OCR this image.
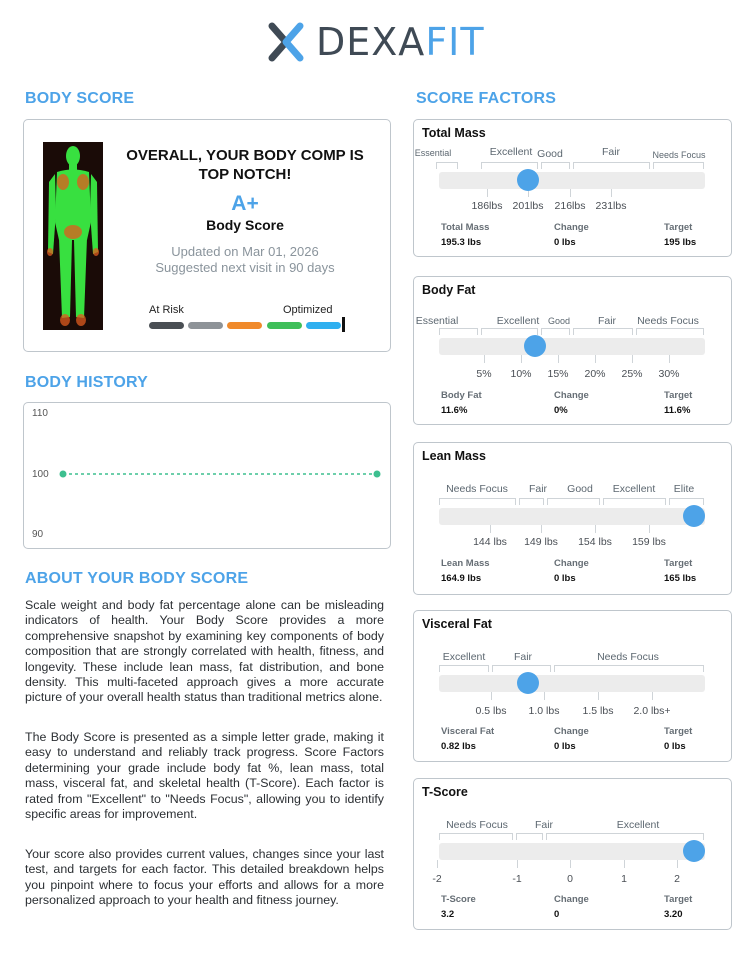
DEXAFIT
BODY SCORE
OVERALL, YOUR BODY COMP IS TOP NOTCH!
A+
Body Score
Updated on Mar 01, 2026
Suggested next visit in 90 days
At Risk	Optimized
BODY HISTORY
110
100
90
ABOUT YOUR BODY SCORE
Scale weight and body fat percentage alone can be misleading indicators of health. Your Body Score provides a more comprehensive snapshot by examining key components of body composition that are strongly correlated with health, fitness, and longevity. These include lean mass, fat distribution, and bone density. This multi-faceted approach gives a more accurate picture of your overall health status than traditional metrics alone.
The Body Score is presented as a simple letter grade, making it easy to understand and reliably track progress. Score Factors determining your grade include body fat %, lean mass, total mass, visceral fat, and skeletal health (T-Score). Each factor is rated from "Excellent" to "Needs Focus", allowing you to identify specific areas for improvement.
Your score also provides current values, changes since your last test, and targets for each factor. This detailed breakdown helps you pinpoint where to focus your efforts and allows for a more personalized approach to your health and fitness journey.
SCORE FACTORS
Total Mass
Essential	Excellent Good	Fair	Needs Focus
186lbs 201lbs 216lbs 231lbs
Total Mass
195.3 lbs
Change
0 lbs
Target
195 lbs
Body Fat
Essential	Excellent Good	Fair Needs Focus
5% 10% 15% 20% 25% 30%
Body Fat
11.6%
Change
0%
Target
11.6%
Lean Mass
Needs Focus Fair Good Excellent Elite
144 lbs 149 lbs 154 lbs 159 lbs
Lean Mass
164.9 lbs
Change
0 lbs
Target
165 lbs
Visceral Fat
Excellent	Fair	Needs Focus
0.5 lbs 1.0 lbs 1.5 lbs 2.0 lbs+
Visceral Fat
0.82 lbs
Change
0 lbs
Target
0 lbs
T-Score
Needs Focus	Fair	Excellent
-2	-1	0	1	2
T-Score
3.2
Change
0
Target
3.20
